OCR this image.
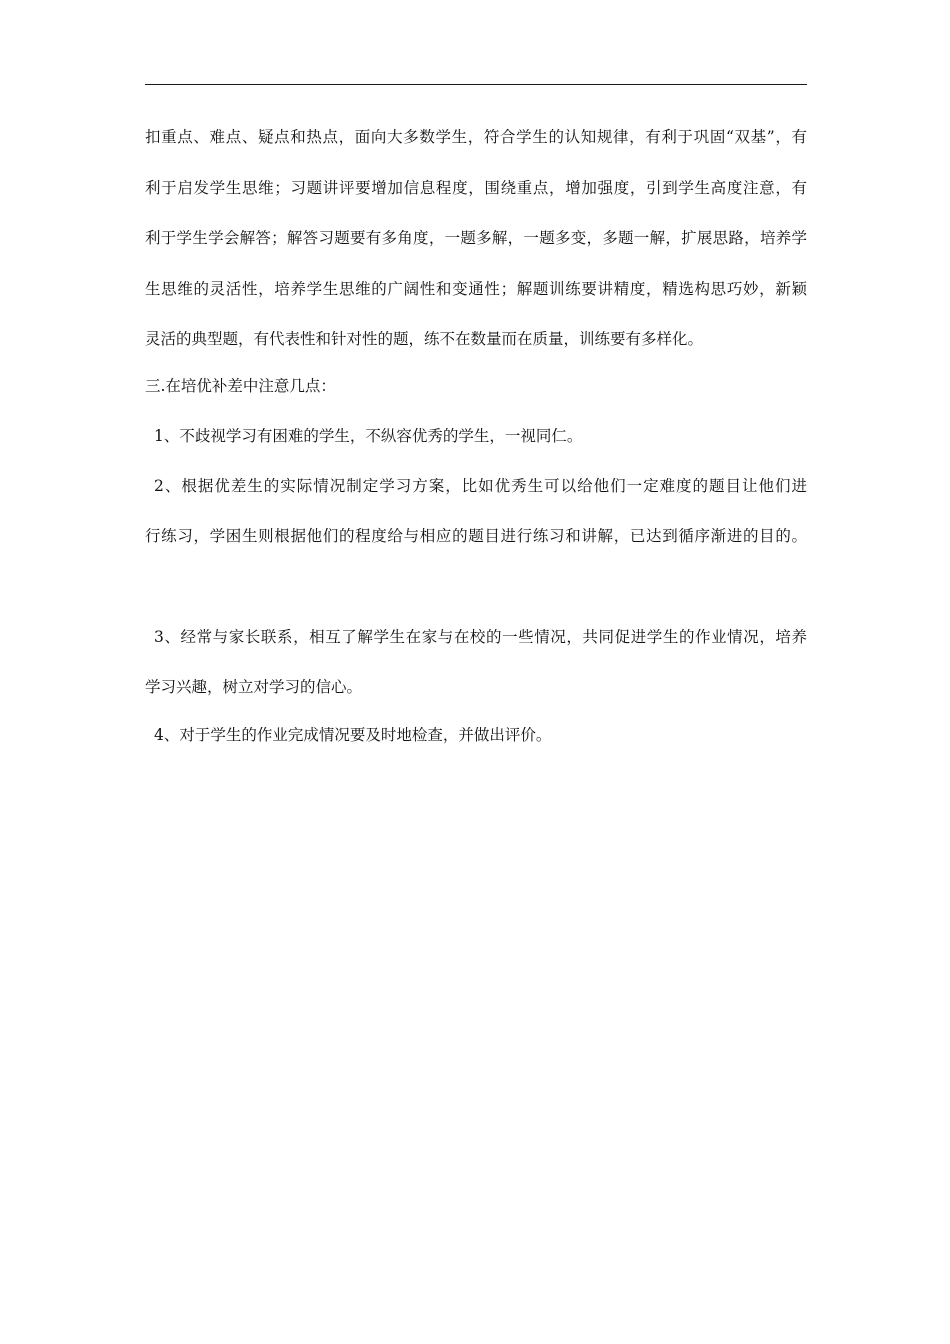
扣重点、难点、疑点和热点，面向大多数学生，符合学生的认知规律，有利于巩固“双基”，有

利于启发学生思维；习题讲评要增加信息程度，围绕重点，增加强度，引到学生高度注意，有

利于学生学会解答；解答习题要有多角度，一题多解，一题多变，多题一解，扩展思路，培养学

生思维的灵活性，培养学生思维的广阔性和变通性；解题训练要讲精度，精选构思巧妙，新颖

灵活的典型题，有代表性和针对性的题，练不在数量而在质量，训练要有多样化。

三.在培优补差中注意几点：

1、不歧视学习有困难的学生，不纵容优秀的学生，一视同仁。

2、根据优差生的实际情况制定学习方案，比如优秀生可以给他们一定难度的题目让他们进

行练习，学困生则根据他们的程度给与相应的题目进行练习和讲解，已达到循序渐进的目的。

3、经常与家长联系，相互了解学生在家与在校的一些情况，共同促进学生的作业情况，培养

学习兴趣，树立对学习的信心。

4、对于学生的作业完成情况要及时地检查，并做出评价。
